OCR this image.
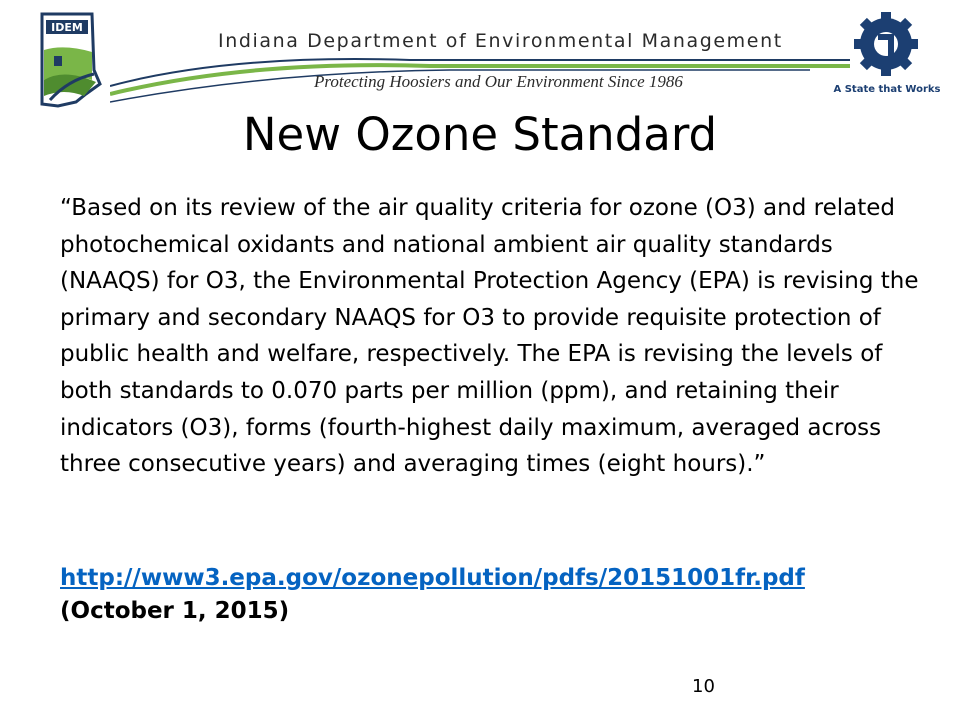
IDEM
Indiana Department of Environmental Management
Protecting Hoosiers and Our Environment Since 1986	A State that Works
New Ozone Standard

“Based on its review of the air quality criteria for ozone (O3) and related photochemical oxidants and national ambient air quality standards (NAAQS) for O3, the Environmental Protection Agency (EPA) is revising the primary and secondary NAAQS for O3 to provide requisite protection of public health and welfare, respectively. The EPA is revising the levels of both standards to 0.070 parts per million (ppm), and retaining their indicators (O3), forms (fourth-highest daily maximum, averaged across three consecutive years) and averaging times (eight hours).”

http://www3.epa.gov/ozonepollution/pdfs/20151001fr.pdf
(October 1, 2015)
10
